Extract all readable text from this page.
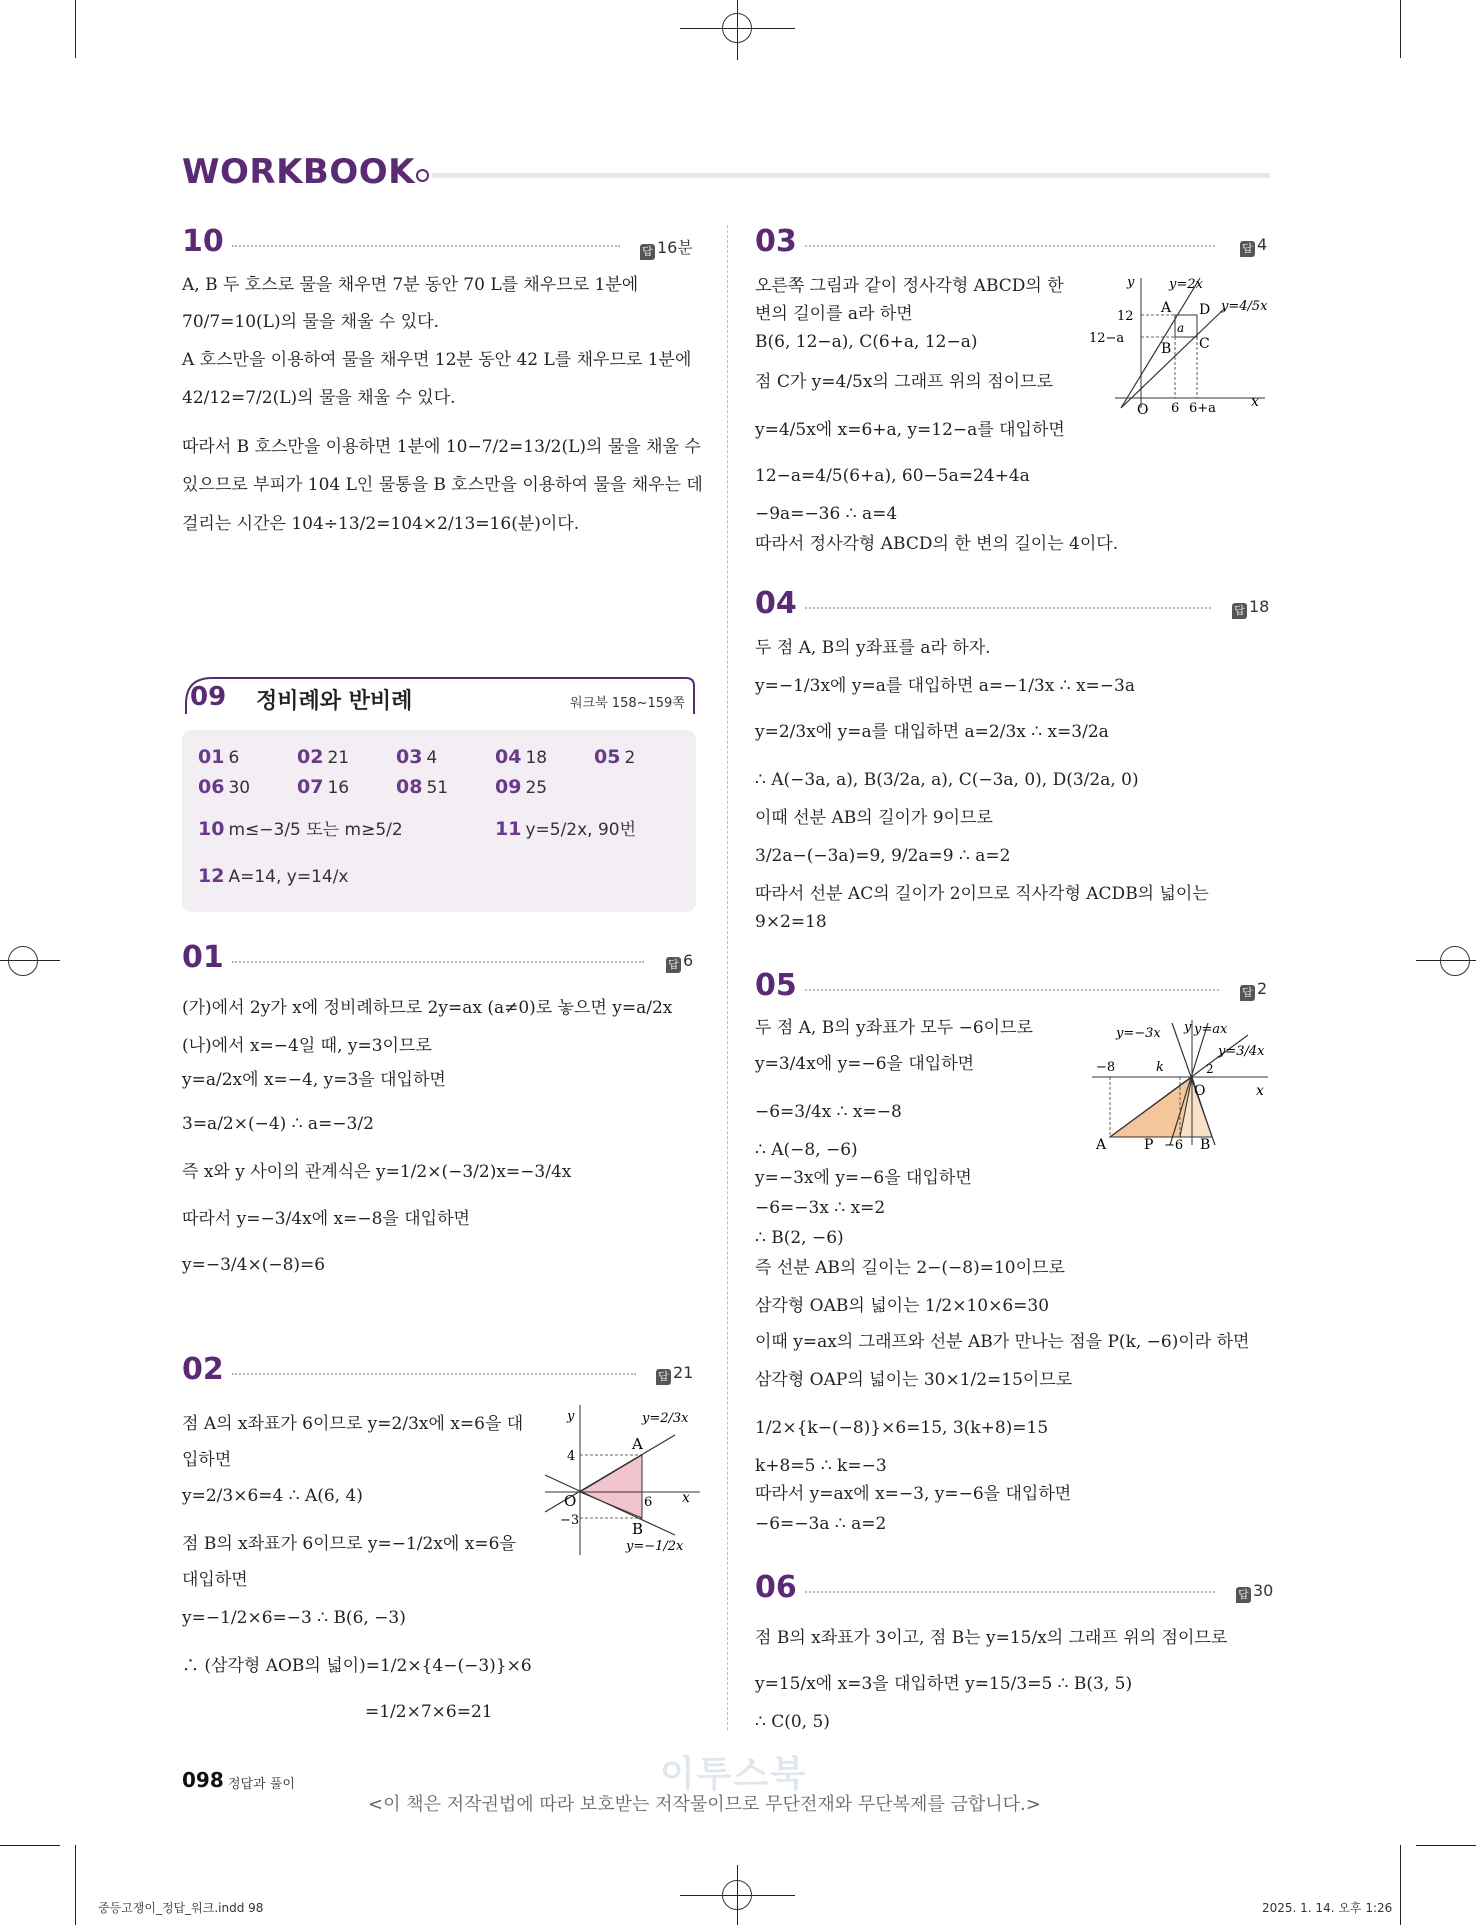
WORKBOOK
10	답 16분
A, B 두 호스로 물을 채우면 7분 동안 70 L를 채우므로 1분에
70/7=10(L)의 물을 채울 수 있다.
A 호스만을 이용하여 물을 채우면 12분 동안 42 L를 채우므로 1분에
42/12=7/2(L)의 물을 채울 수 있다.
따라서 B 호스만을 이용하면 1분에 10−7/2=13/2(L)의 물을 채울 수
있으므로 부피가 104 L인 물통을 B 호스만을 이용하여 물을 채우는 데
걸리는 시간은 104÷13/2=104×2/13=16(분)이다.
09 정비례와 반비례	워크북 158~159쪽
01 6	02 21 03 4	04 18 05 2
06 30 07 16 08 51 09 25
10 m≤−3/5 또는 m≥5/2	11 y=5/2x, 90번
12 A=14, y=14/x
01	답 6
(가)에서 2y가 x에 정비례하므로 2y=ax (a≠0)로 놓으면 y=a/2x
(나)에서 x=−4일 때, y=3이므로
y=a/2x에 x=−4, y=3을 대입하면
3=a/2×(−4) ∴ a=−3/2
즉 x와 y 사이의 관계식은 y=1/2×(−3/2)x=−3/4x
따라서 y=−3/4x에 x=−8을 대입하면
y=−3/4×(−8)=6
02	답 21
점 A의 x좌표가 6이므로 y=2/3x에 x=6을 대
입하면
y=2/3×6=4 ∴ A(6, 4)
점 B의 x좌표가 6이므로 y=−1/2x에 x=6을
대입하면
y=−1/2×6=−3 ∴ B(6, −3)
∴ (삼각형 AOB의 넓이)=1/2×{4−(−3)}×6
=1/2×7×6=21
y
x
4
−3
6
O
A
B
y=2/3x
y=−1/2x
03	답 4
오른쪽 그림과 같이 정사각형 ABCD의 한
변의 길이를 a라 하면
B(6, 12−a), C(6+a, 12−a)
점 C가 y=4/5x의 그래프 위의 점이므로
y=4/5x에 x=6+a, y=12−a를 대입하면
12−a=4/5(6+a), 60−5a=24+4a
−9a=−36 ∴ a=4
따라서 정사각형 ABCD의 한 변의 길이는 4이다.
y
x
12
12−a
O 6 6+a
A D
B C
a
y=2x
y=4/5x
04	답 18
두 점 A, B의 y좌표를 a라 하자.
y=−1/3x에 y=a를 대입하면 a=−1/3x ∴ x=−3a
y=2/3x에 y=a를 대입하면 a=2/3x ∴ x=3/2a
∴ A(−3a, a), B(3/2a, a), C(−3a, 0), D(3/2a, 0)
이때 선분 AB의 길이가 9이므로
3/2a−(−3a)=9, 9/2a=9 ∴ a=2
따라서 선분 AC의 길이가 2이므로 직사각형 ACDB의 넓이는
9×2=18
05	답 2
두 점 A, B의 y좌표가 모두 −6이므로
y=3/4x에 y=−6을 대입하면
−6=3/4x ∴ x=−8
∴ A(−8, −6)
y=−3x에 y=−6을 대입하면
−6=−3x ∴ x=2
∴ B(2, −6)
즉 선분 AB의 길이는 2−(−8)=10이므로
삼각형 OAB의 넓이는 1/2×10×6=30
이때 y=ax의 그래프와 선분 AB가 만나는 점을 P(k, −6)이라 하면
삼각형 OAP의 넓이는 30×1/2=15이므로
1/2×{k−(−8)}×6=15, 3(k+8)=15
k+8=5 ∴ k=−3
따라서 y=ax에 x=−3, y=−6을 대입하면
−6=−3a ∴ a=2
y
x
−8	k	2
O
A	P −6 B
y=−3x	y=ax
y=3/4x
06	답 30
점 B의 x좌표가 3이고, 점 B는 y=15/x의 그래프 위의 점이므로
y=15/x에 x=3을 대입하면 y=15/3=5 ∴ B(3, 5)
∴ C(0, 5)
098 정답과 풀이	이투스북
<이 책은 저작권법에 따라 보호받는 저작물이므로 무단전재와 무단복제를 금합니다.>
중등고쟁이_정답_워크.indd 98	2025. 1. 14. 오후 1:26
